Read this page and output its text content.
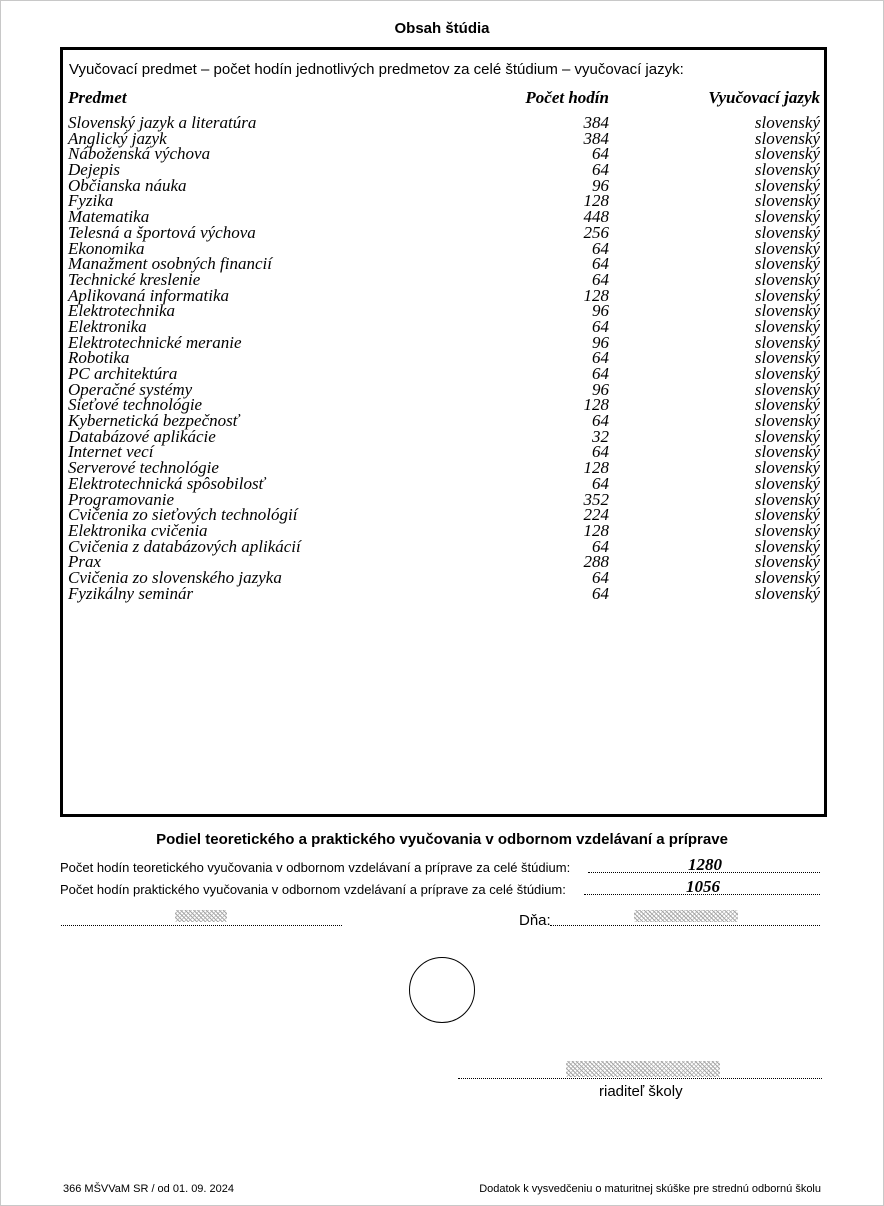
Obsah štúdia
Vyučovací predmet – počet hodín jednotlivých predmetov za celé štúdium – vyučovací jazyk:
Predmet	Počet hodín	Vyučovací jazyk
Slovenský jazyk a literatúra	384	slovenský
Anglický jazyk	384	slovenský
Náboženská výchova	64	slovenský
Dejepis	64	slovenský
Občianska náuka	96	slovenský
Fyzika	128	slovenský
Matematika	448	slovenský
Telesná a športová výchova	256	slovenský
Ekonomika	64	slovenský
Manažment osobných financií	64	slovenský
Technické kreslenie	64	slovenský
Aplikovaná informatika	128	slovenský
Elektrotechnika	96	slovenský
Elektronika	64	slovenský
Elektrotechnické meranie	96	slovenský
Robotika	64	slovenský
PC architektúra	64	slovenský
Operačné systémy	96	slovenský
Sieťové technológie	128	slovenský
Kybernetická bezpečnosť	64	slovenský
Databázové aplikácie	32	slovenský
Internet vecí	64	slovenský
Serverové technológie	128	slovenský
Elektrotechnická spôsobilosť	64	slovenský
Programovanie	352	slovenský
Cvičenia zo sieťových technológií	224	slovenský
Elektronika cvičenia	128	slovenský
Cvičenia z databázových aplikácií	64	slovenský
Prax	288	slovenský
Cvičenia zo slovenského jazyka	64	slovenský
Fyzikálny seminár	64	slovenský
Podiel teoretického a praktického vyučovania v odbornom vzdelávaní a príprave
Počet hodín teoretického vyučovania v odbornom vzdelávaní a príprave za celé štúdium:	1280
Počet hodín praktického vyučovania v odbornom vzdelávaní a príprave za celé štúdium:	1056
Dňa:
riaditeľ školy
366 MŠVVaM SR / od 01. 09. 2024	Dodatok k vysvedčeniu o maturitnej skúške pre strednú odbornú školu
